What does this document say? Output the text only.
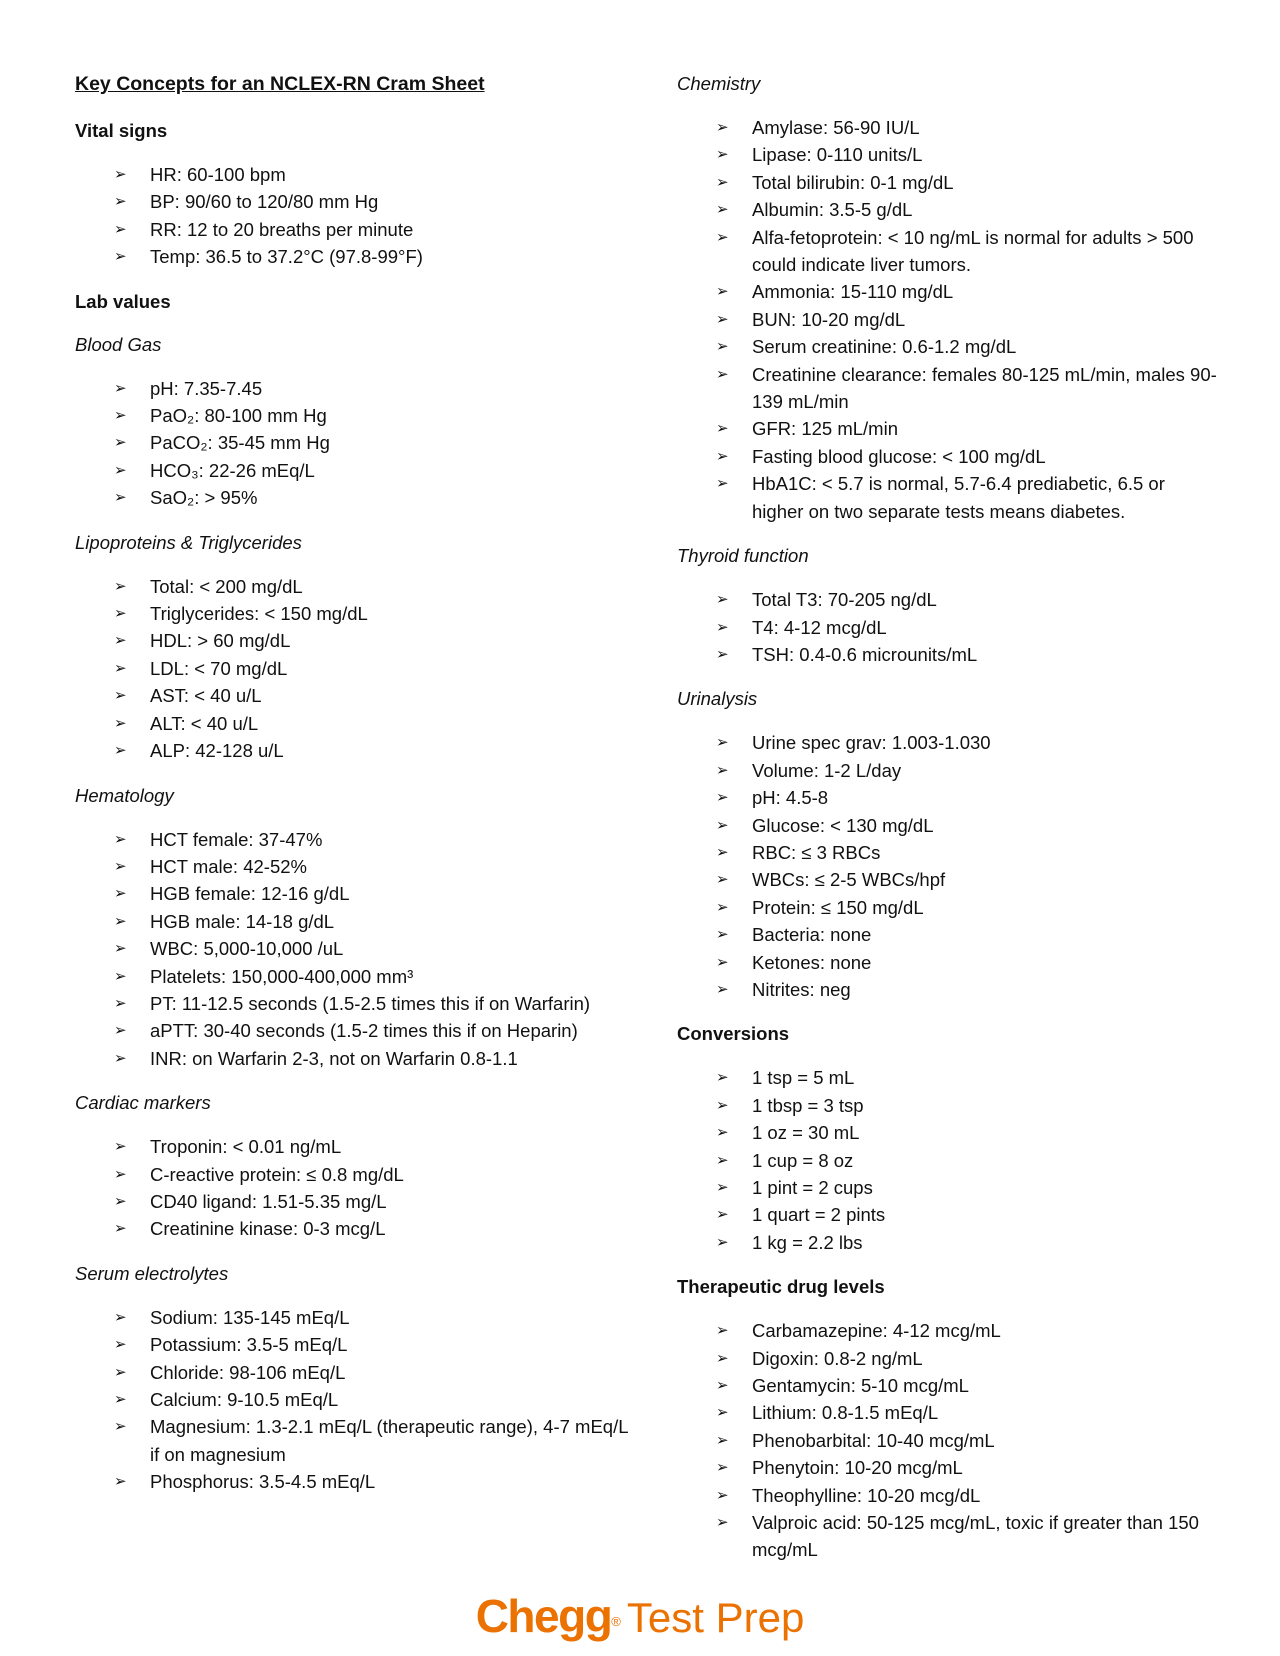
Key Concepts for an NCLEX-RN Cram Sheet
Vital signs
➢ HR: 60-100 bpm
➢ BP: 90/60 to 120/80 mm Hg
➢ RR: 12 to 20 breaths per minute
➢ Temp: 36.5 to 37.2°C (97.8-99°F)
Lab values
Blood Gas
➢ pH: 7.35-7.45
➢ PaO₂: 80-100 mm Hg
➢ PaCO₂: 35-45 mm Hg
➢ HCO₃: 22-26 mEq/L
➢ SaO₂: > 95%
Lipoproteins & Triglycerides
➢ Total: < 200 mg/dL
➢ Triglycerides: < 150 mg/dL
➢ HDL: > 60 mg/dL
➢ LDL: < 70 mg/dL
➢ AST: < 40 u/L
➢ ALT: < 40 u/L
➢ ALP: 42-128 u/L
Hematology
➢ HCT female: 37-47%
➢ HCT male: 42-52%
➢ HGB female: 12-16 g/dL
➢ HGB male: 14-18 g/dL
➢ WBC: 5,000-10,000 /uL
➢ Platelets: 150,000-400,000 mm³
➢ PT: 11-12.5 seconds (1.5-2.5 times this if on Warfarin)
➢ aPTT: 30-40 seconds (1.5-2 times this if on Heparin)
➢ INR: on Warfarin 2-3, not on Warfarin 0.8-1.1
Cardiac markers
➢ Troponin: < 0.01 ng/mL
➢ C-reactive protein: ≤ 0.8 mg/dL
➢ CD40 ligand: 1.51-5.35 mg/L
➢ Creatinine kinase: 0-3 mcg/L
Serum electrolytes
➢ Sodium: 135-145 mEq/L
➢ Potassium: 3.5-5 mEq/L
➢ Chloride: 98-106 mEq/L
➢ Calcium: 9-10.5 mEq/L
➢ Magnesium: 1.3-2.1 mEq/L (therapeutic range), 4-7 mEq/L if on magnesium
➢ Phosphorus: 3.5-4.5 mEq/L
Chemistry
➢ Amylase: 56-90 IU/L
➢ Lipase: 0-110 units/L
➢ Total bilirubin: 0-1 mg/dL
➢ Albumin: 3.5-5 g/dL
➢ Alfa-fetoprotein: < 10 ng/mL is normal for adults > 500 could indicate liver tumors.
➢ Ammonia: 15-110 mg/dL
➢ BUN: 10-20 mg/dL
➢ Serum creatinine: 0.6-1.2 mg/dL
➢ Creatinine clearance: females 80-125 mL/min, males 90-139 mL/min
➢ GFR: 125 mL/min
➢ Fasting blood glucose: < 100 mg/dL
➢ HbA1C: < 5.7 is normal, 5.7-6.4 prediabetic, 6.5 or higher on two separate tests means diabetes.
Thyroid function
➢ Total T3: 70-205 ng/dL
➢ T4: 4-12 mcg/dL
➢ TSH: 0.4-0.6 microunits/mL
Urinalysis
➢ Urine spec grav: 1.003-1.030
➢ Volume: 1-2 L/day
➢ pH: 4.5-8
➢ Glucose: < 130 mg/dL
➢ RBC: ≤ 3 RBCs
➢ WBCs: ≤ 2-5 WBCs/hpf
➢ Protein: ≤ 150 mg/dL
➢ Bacteria: none
➢ Ketones: none
➢ Nitrites: neg
Conversions
➢ 1 tsp = 5 mL
➢ 1 tbsp = 3 tsp
➢ 1 oz = 30 mL
➢ 1 cup = 8 oz
➢ 1 pint = 2 cups
➢ 1 quart = 2 pints
➢ 1 kg = 2.2 lbs
Therapeutic drug levels
➢ Carbamazepine: 4-12 mcg/mL
➢ Digoxin: 0.8-2 ng/mL
➢ Gentamycin: 5-10 mcg/mL
➢ Lithium: 0.8-1.5 mEq/L
➢ Phenobarbital: 10-40 mcg/mL
➢ Phenytoin: 10-20 mcg/mL
➢ Theophylline: 10-20 mcg/dL
➢ Valproic acid: 50-125 mcg/mL, toxic if greater than 150 mcg/mL
Chegg® Test Prep
